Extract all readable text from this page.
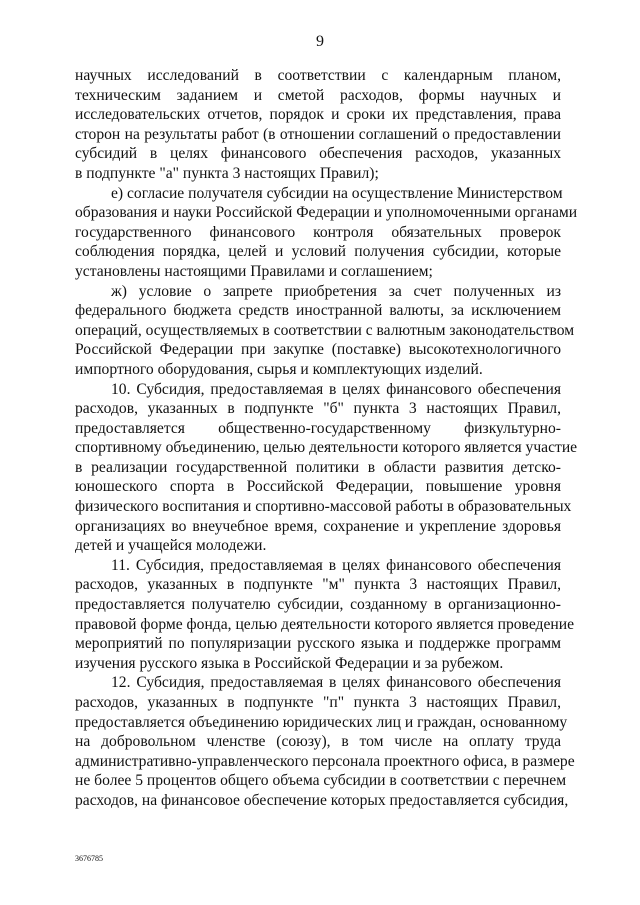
9
научных исследований в соответствии с календарным планом,
техническим заданием и сметой расходов, формы научных и
исследовательских отчетов, порядок и сроки их представления, права
сторон на результаты работ (в отношении соглашений о предоставлении
субсидий в целях финансового обеспечения расходов, указанных
в подпункте "а" пункта 3 настоящих Правил);
е) согласие получателя субсидии на осуществление Министерством
образования и науки Российской Федерации и уполномоченными органами
государственного финансового контроля обязательных проверок
соблюдения порядка, целей и условий получения субсидии, которые
установлены настоящими Правилами и соглашением;
ж) условие о запрете приобретения за счет полученных из
федерального бюджета средств иностранной валюты, за исключением
операций, осуществляемых в соответствии с валютным законодательством
Российской Федерации при закупке (поставке) высокотехнологичного
импортного оборудования, сырья и комплектующих изделий.
10. Субсидия, предоставляемая в целях финансового обеспечения
расходов, указанных в подпункте "б" пункта 3 настоящих Правил,
предоставляется общественно-государственному физкультурно-
спортивному объединению, целью деятельности которого является участие
в реализации государственной политики в области развития детско-
юношеского спорта в Российской Федерации, повышение уровня
физического воспитания и спортивно-массовой работы в образовательных
организациях во внеучебное время, сохранение и укрепление здоровья
детей и учащейся молодежи.
11. Субсидия, предоставляемая в целях финансового обеспечения
расходов, указанных в подпункте "м" пункта 3 настоящих Правил,
предоставляется получателю субсидии, созданному в организационно-
правовой форме фонда, целью деятельности которого является проведение
мероприятий по популяризации русского языка и поддержке программ
изучения русского языка в Российской Федерации и за рубежом.
12. Субсидия, предоставляемая в целях финансового обеспечения
расходов, указанных в подпункте "п" пункта 3 настоящих Правил,
предоставляется объединению юридических лиц и граждан, основанному
на добровольном членстве (союзу), в том числе на оплату труда
административно-управленческого персонала проектного офиса, в размере
не более 5 процентов общего объема субсидии в соответствии с перечнем
расходов, на финансовое обеспечение которых предоставляется субсидия,
3676785
